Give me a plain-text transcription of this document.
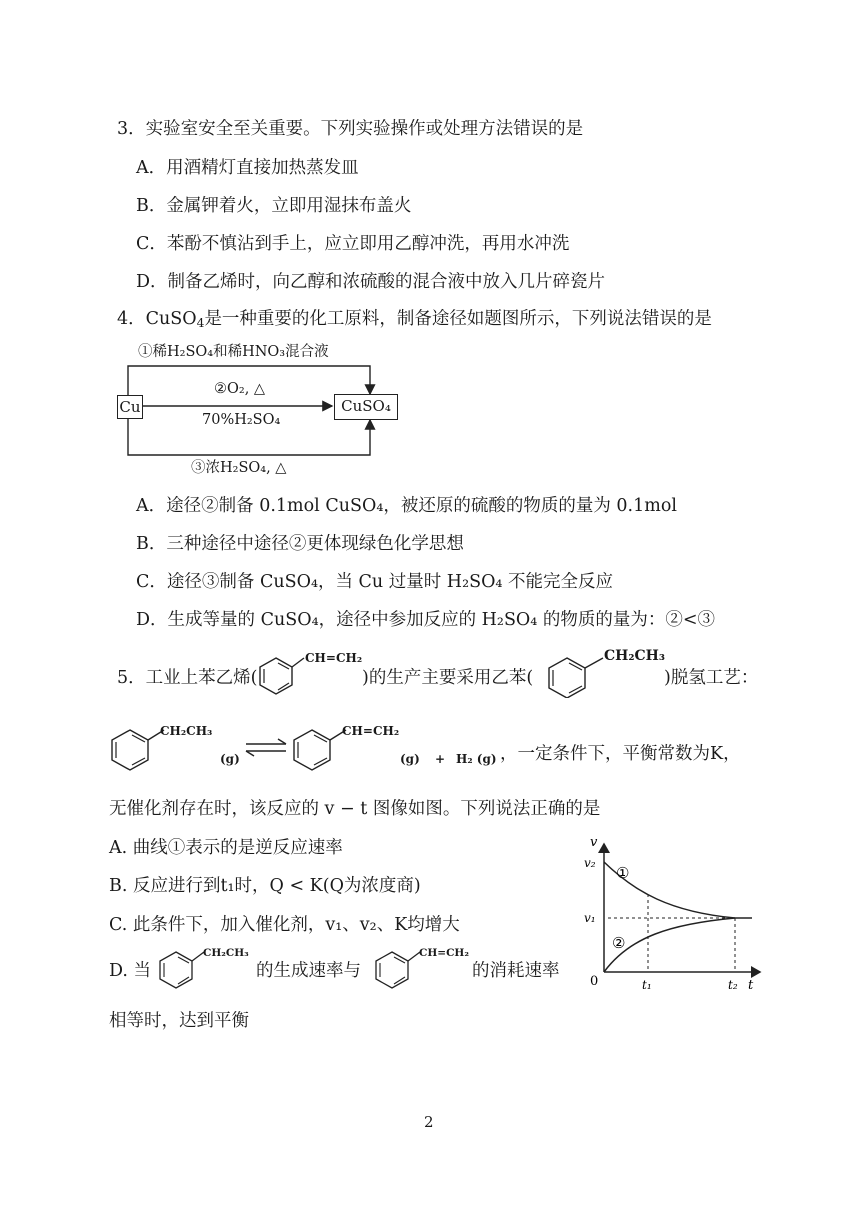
3．实验室安全至关重要。下列实验操作或处理方法错误的是
A．用酒精灯直接加热蒸发皿
B．金属钾着火，立即用湿抹布盖火
C．苯酚不慎沾到手上，应立即用乙醇冲洗，再用水冲洗
D．制备乙烯时，向乙醇和浓硫酸的混合液中放入几片碎瓷片
4．CuSO$_4$是一种重要的化工原料，制备途径如题图所示，下列说法错误的是
Cu	CuSO₄
①稀H₂SO₄和稀HNO₃混合液
②O₂, △
70%H₂SO₄
③浓H₂SO₄, △
A．途径②制备 0.1mol CuSO₄，被还原的硫酸的物质的量为 0.1mol
B．三种途径中途径②更体现绿色化学思想
C．途径③制备 CuSO₄，当 Cu 过量时 H₂SO₄ 不能完全反应
D．生成等量的 CuSO₄，途径中参加反应的 H₂SO₄ 的物质的量为：②<③
5．工业上苯乙烯(
CH=CH₂
)的生产主要采用乙苯(
CH₂CH₃
)脱氢工艺：
CH₂CH₃
(g)
CH=CH₂
(g) + H₂ (g) ，一定条件下，平衡常数为K，
无催化剂存在时，该反应的 v − t 图像如图。下列说法正确的是
A. 曲线①表示的是逆反应速率
B. 反应进行到t₁时，Q < K(Q为浓度商)
C. 此条件下，加入催化剂，v₁、v₂、K均增大
D. 当
CH₂CH₃
的生成速率与
CH=CH₂
的消耗速率
相等时，达到平衡
v
v₂
v₁
0	t₁	t₂ t
①
②
2
